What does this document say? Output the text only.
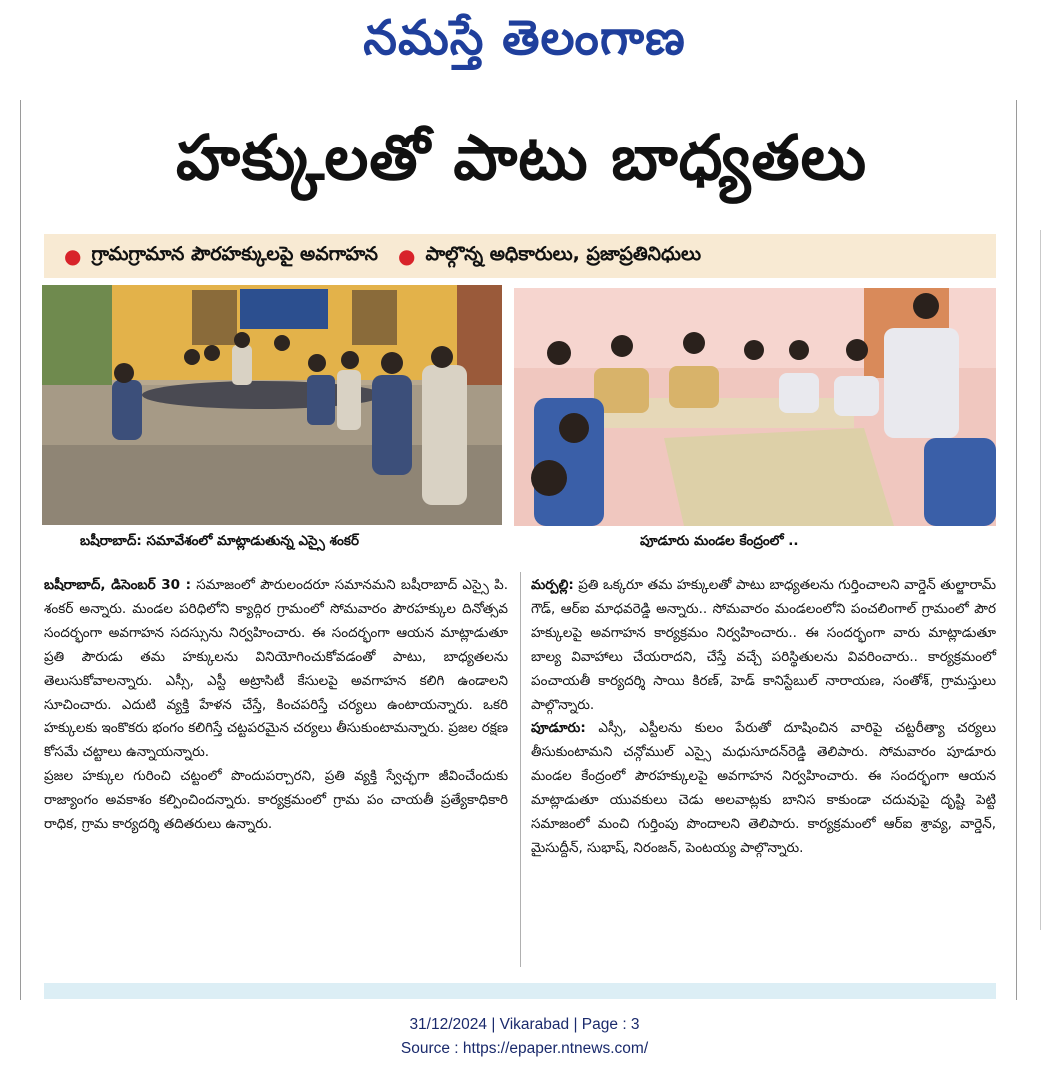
నమస్తే తెలంగాణ
హక్కులతో పాటు బాధ్యతలు
● గ్రామగ్రామాన పౌరహక్కులపై అవగాహన ● పాల్గొన్న అధికారులు, ప్రజాప్రతినిధులు
బషీరాబాద్: సమావేశంలో మాట్లాడుతున్న ఎస్సై శంకర్	పూడూరు మండల కేంద్రంలో ..

బషీరాబాద్, డిసెంబర్ 30 : సమాజంలో పౌరులందరూ సమానమని బషీరాబాద్ ఎస్సై పి. శంకర్ అన్నారు. మండల పరిధిలోని క్యాద్గిర గ్రామంలో సోమవారం పౌరహక్కుల దినోత్సవ సందర్భంగా అవగాహన సదస్సును నిర్వహించారు. ఈ సందర్భంగా ఆయన మాట్లాడుతూ ప్రతి పౌరుడు తమ హక్కులను వినియోగించుకోవడంతో పాటు, బాధ్యతలను తెలుసుకోవాలన్నారు. ఎస్సీ, ఎస్టీ అట్రాసిటీ కేసులపై అవగాహన కలిగి ఉండాలని సూచించారు. ఎదుటి వ్యక్తి హేళన చేస్తే, కించపరిస్తే చర్యలు ఉంటాయన్నారు. ఒకరి హక్కులకు ఇంకొకరు భంగం కలిగిస్తే చట్టపరమైన చర్యలు తీసుకుంటామన్నారు. ప్రజల రక్షణ కోసమే చట్టాలు ఉన్నాయన్నారు.

ప్రజల హక్కుల గురించి చట్టంలో పొందుపర్చారని, ప్రతి వ్యక్తి స్వేచ్ఛగా జీవించేందుకు రాజ్యాంగం అవకాశం కల్పించిందన్నారు. కార్యక్రమంలో గ్రామ పం చాయతీ ప్రత్యేకాధికారి రాధిక, గ్రామ కార్యదర్శి తదితరులు ఉన్నారు.

మర్పల్లి: ప్రతి ఒక్కరూ తమ హక్కులతో పాటు బాధ్యతలను గుర్తించాలని వార్డెన్ తుల్జారామ్ గౌడ్, ఆర్ఐ మాధవరెడ్డి అన్నారు.. సోమవారం మండలంలోని పంచలింగాల్ గ్రామంలో పౌర హక్కులపై అవగాహన కార్యక్రమం నిర్వహించారు.. ఈ సందర్భంగా వారు మాట్లాడుతూ బాల్య వివాహాలు చేయరాదని, చేస్తే వచ్చే పరిస్థితులను వివరించారు.. కార్యక్రమంలో పంచాయతీ కార్యదర్శి సాయి కిరణ్, హెడ్ కానిస్టేబుల్ నారాయణ, సంతోశ్, గ్రామస్తులు పాల్గొన్నారు.

పూడూరు: ఎస్సీ, ఎస్టీలను కులం పేరుతో దూషించిన వారిపై చట్టరీత్యా చర్యలు తీసుకుంటామని చన్గోముల్ ఎస్సై మధుసూదన్‌రెడ్డి తెలిపారు. సోమవారం పూడూరు మండల కేంద్రంలో పౌరహక్కులపై అవగాహన నిర్వహించారు. ఈ సందర్భంగా ఆయన మాట్లాడుతూ యువకులు చెడు అలవాట్లకు బానిస కాకుండా చదువుపై దృష్టి పెట్టి సమాజంలో మంచి గుర్తింపు పొందాలని తెలిపారు. కార్యక్రమంలో ఆర్ఐ శ్రావ్య, వార్డెన్, మైసుద్దీన్, సుభాష్, నిరంజన్, పెంటయ్య పాల్గొన్నారు.

31/12/2024 | Vikarabad | Page : 3
Source : https://epaper.ntnews.com/
